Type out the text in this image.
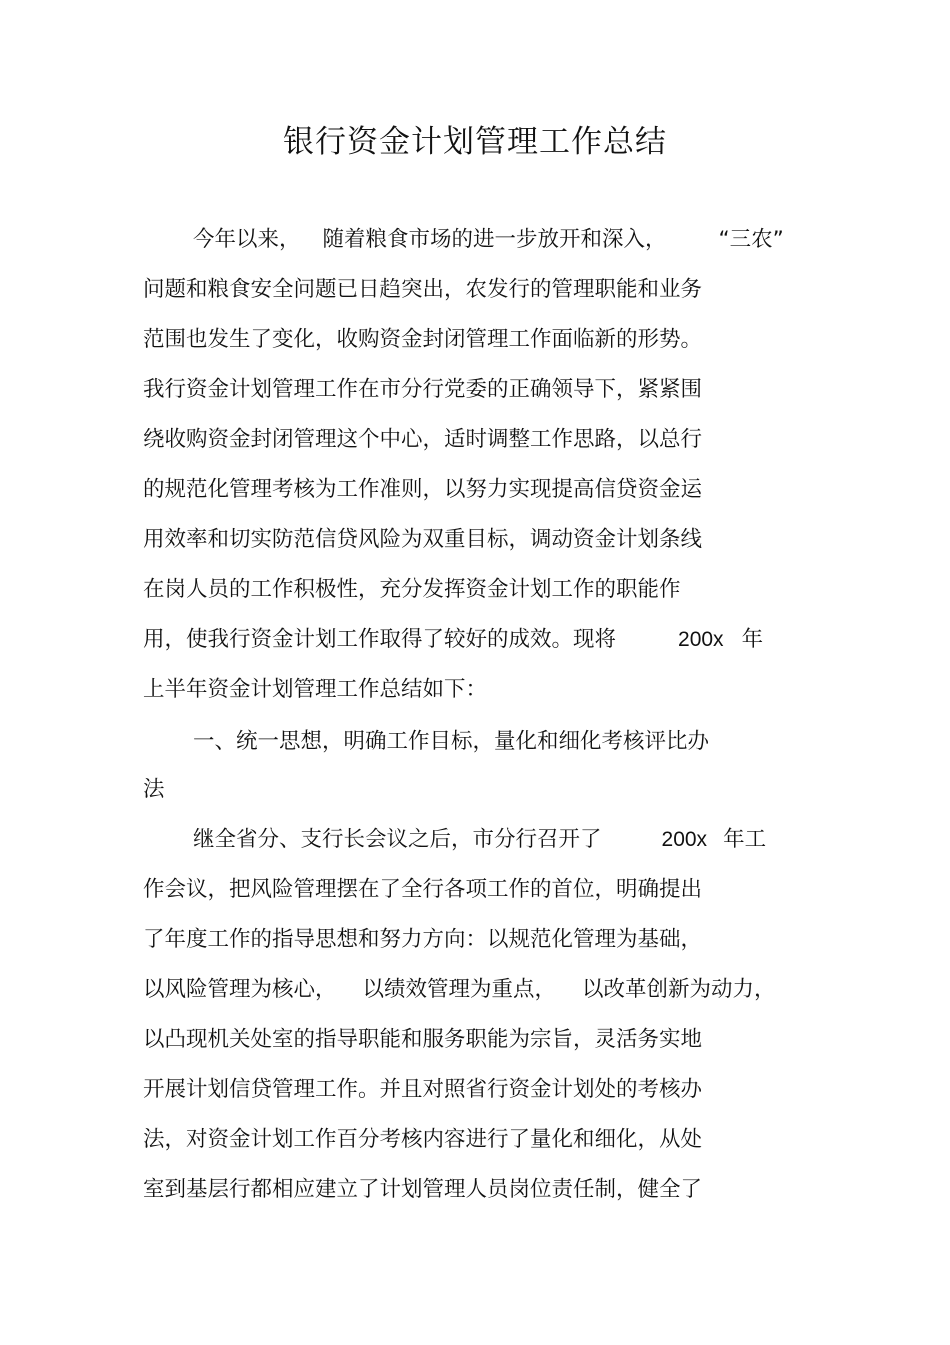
银行资金计划管理工作总结
今年以来， 随着粮食市场的进一步放开和深入， “三农”
问题和粮食安全问题已日趋突出，农发行的管理职能和业务
范围也发生了变化，收购资金封闭管理工作面临新的形势。
我行资金计划管理工作在市分行党委的正确领导下，紧紧围
绕收购资金封闭管理这个中心，适时调整工作思路，以总行
的规范化管理考核为工作准则，以努力实现提高信贷资金运
用效率和切实防范信贷风险为双重目标，调动资金计划条线
在岗人员的工作积极性，充分发挥资金计划工作的职能作
用，使我行资金计划工作取得了较好的成效。现将	200x 年
上半年资金计划管理工作总结如下：
一、统一思想，明确工作目标，量化和细化考核评比办
法
继全省分、支行长会议之后，市分行召开了	200x 年工
作会议，把风险管理摆在了全行各项工作的首位，明确提出
了年度工作的指导思想和努力方向：以规范化管理为基础，
以风险管理为核心， 以绩效管理为重点， 以改革创新为动力，
以凸现机关处室的指导职能和服务职能为宗旨，灵活务实地
开展计划信贷管理工作。并且对照省行资金计划处的考核办
法，对资金计划工作百分考核内容进行了量化和细化，从处
室到基层行都相应建立了计划管理人员岗位责任制，健全了
